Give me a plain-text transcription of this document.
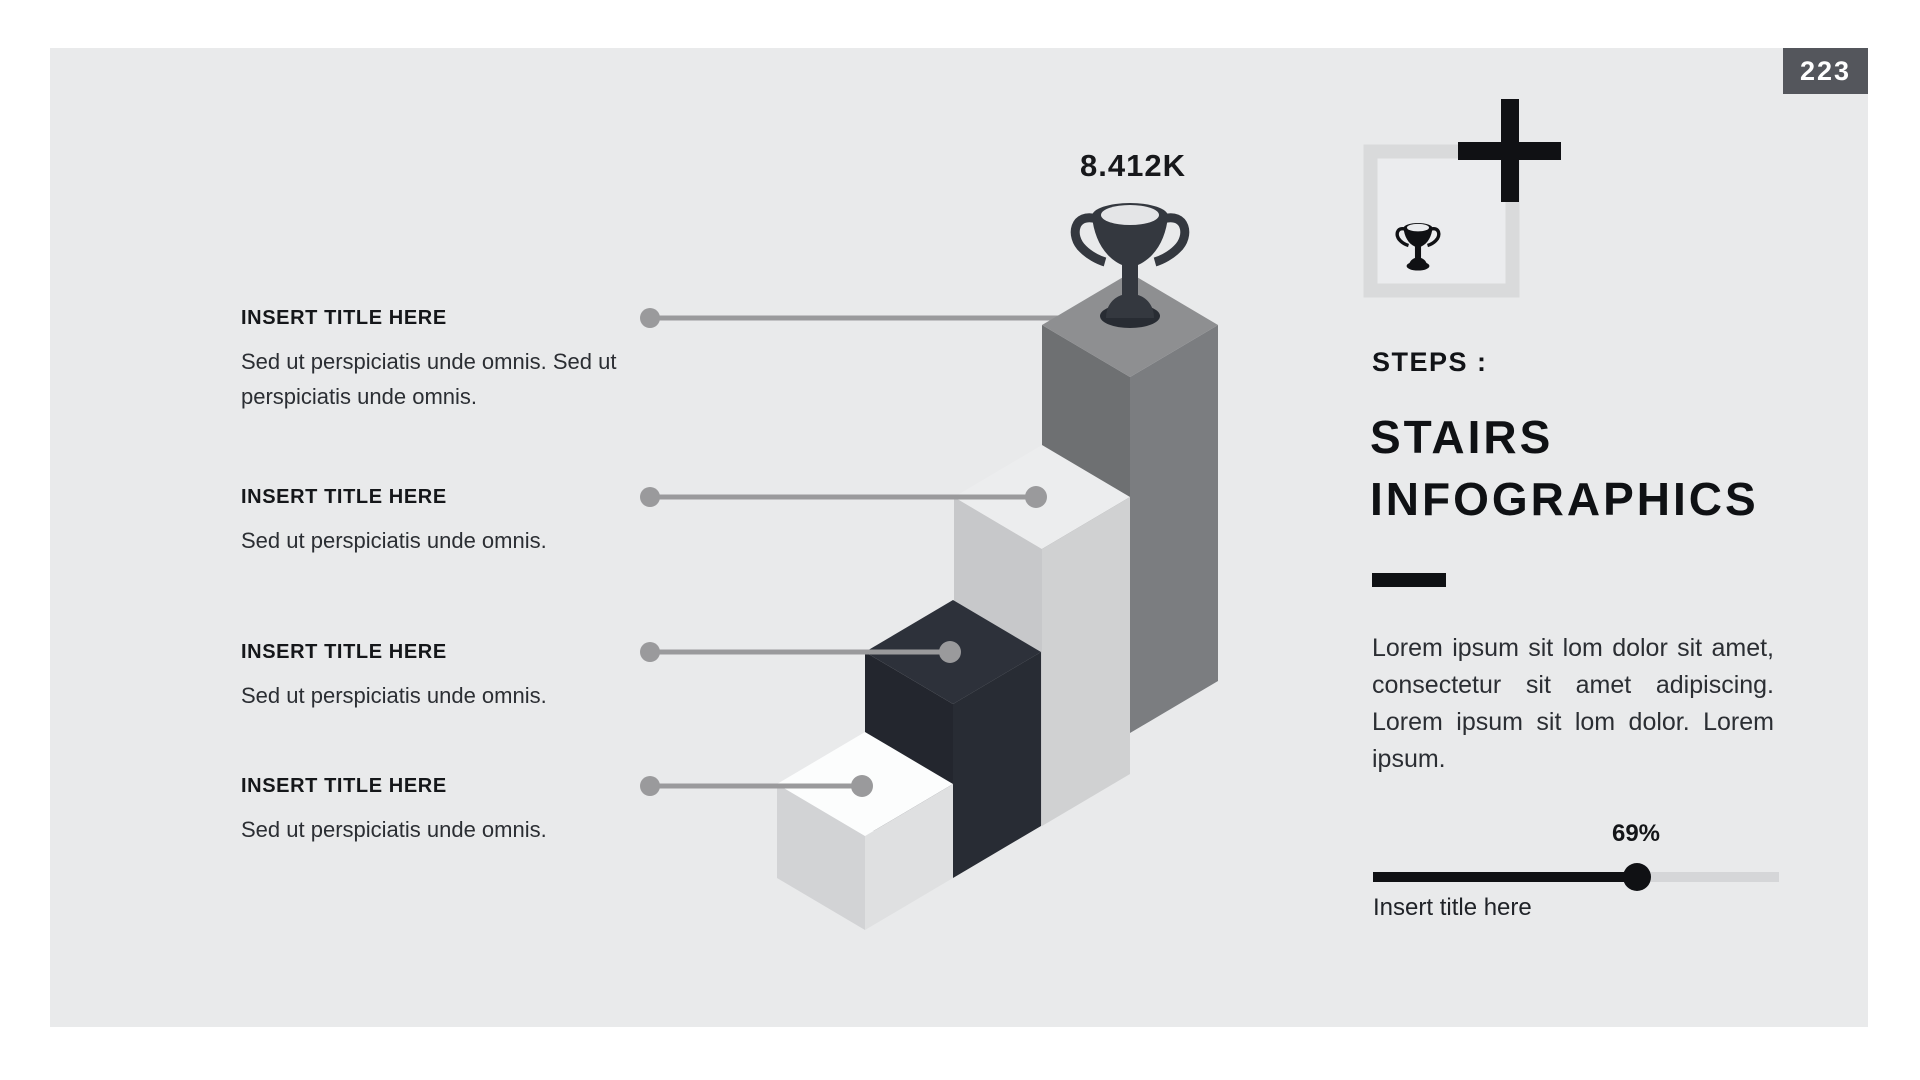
223
INSERT TITLE HERE
Sed ut perspiciatis unde omnis. Sed ut perspiciatis unde omnis.
INSERT TITLE HERE
Sed ut perspiciatis unde omnis.
INSERT TITLE HERE
Sed ut perspiciatis unde omnis.
INSERT TITLE HERE
Sed ut perspiciatis unde omnis.
8.412K
STEPS :
STAIRS INFOGRAPHICS
Lorem ipsum sit lom dolor sit amet, consectetur sit amet adipiscing. Lorem ipsum sit lom dolor. Lorem ipsum.
69%
Insert title here
